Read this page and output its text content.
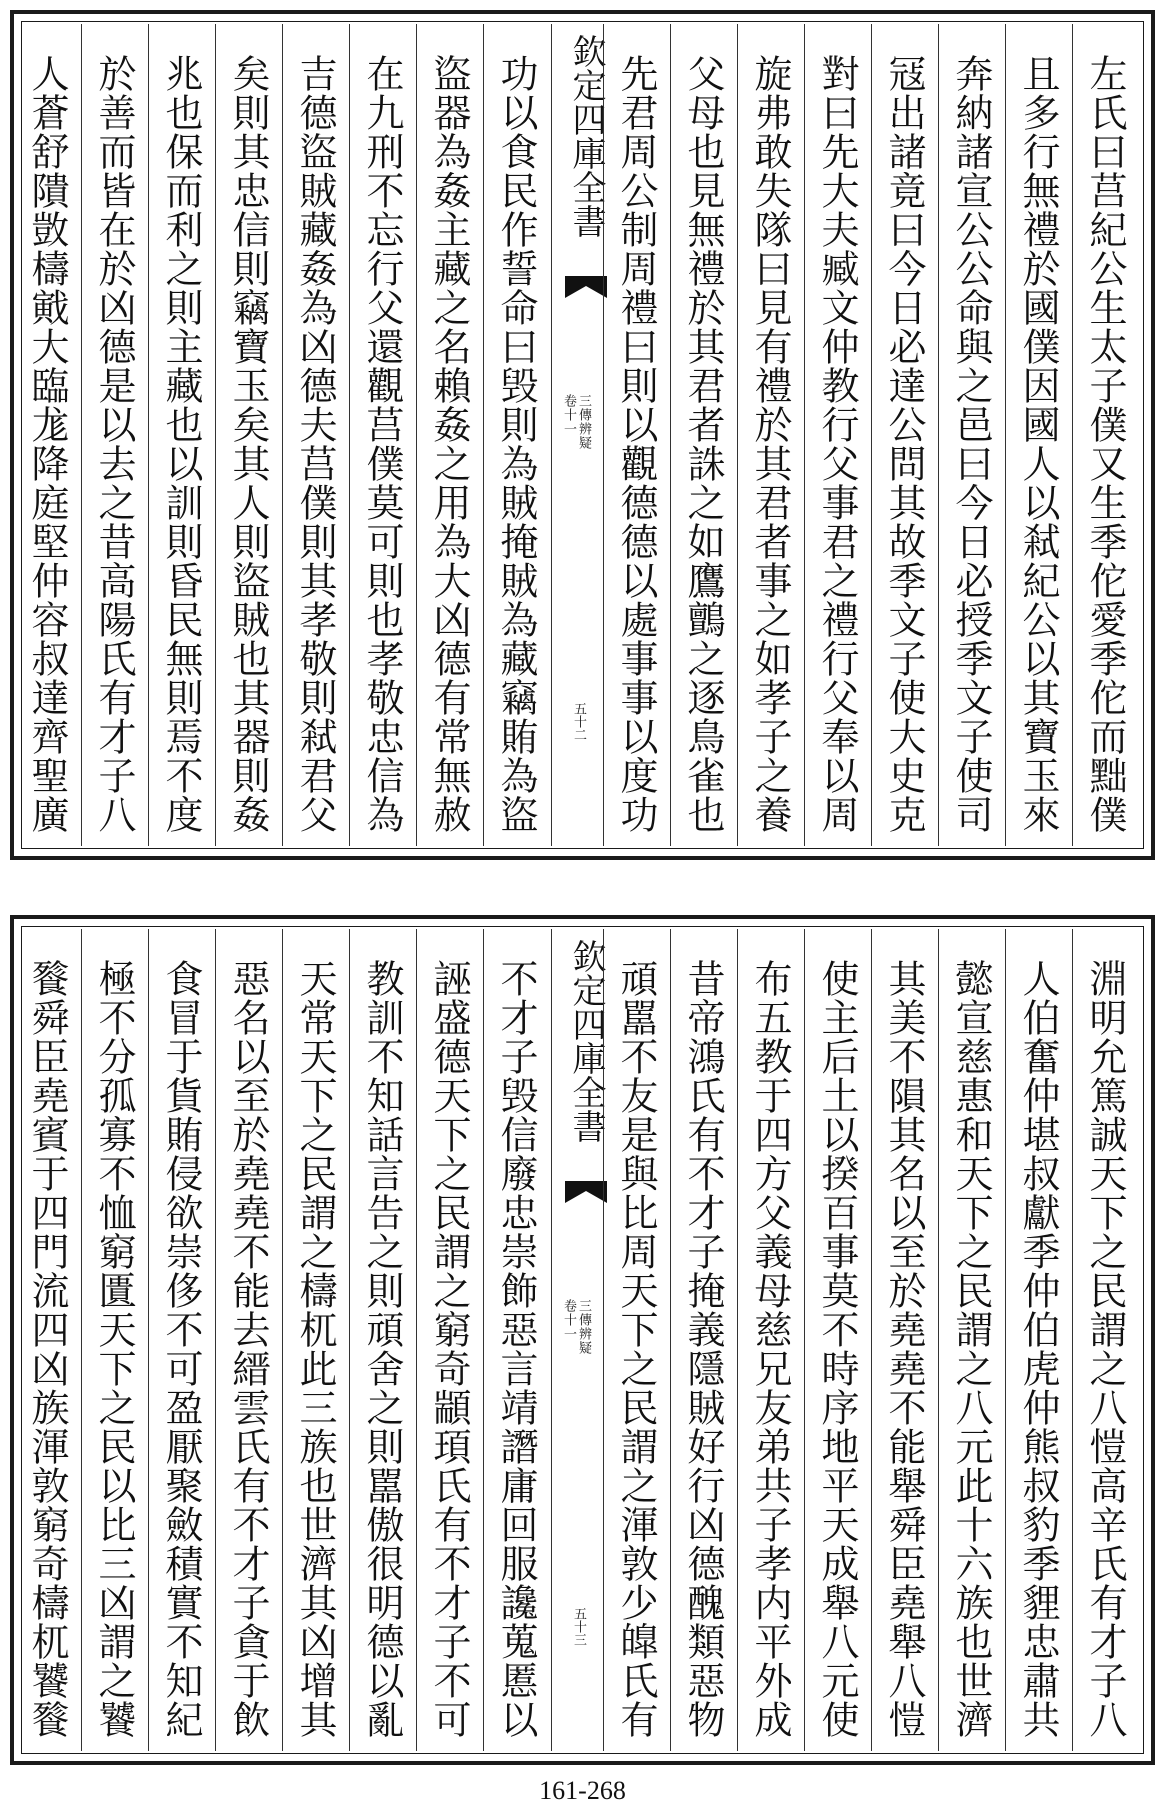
欽定四庫全書
三傳辨疑
卷十一
五十二	左氏曰莒紀公生太子僕又生季佗愛季佗而黜僕
且多行無禮於國僕因國人以弒紀公以其寶玉來
奔納諸宣公公命與之邑曰今日必授季文子使司
冦出諸竟曰今日必達公問其故季文子使大史克
對曰先大夫臧文仲教行父事君之禮行父奉以周
旋弗敢失隊曰見有禮於其君者事之如孝子之養
父母也見無禮於其君者誅之如鷹鸇之逐鳥雀也
先君周公制周禮曰則以觀德德以處事事以度功
功以食民作誓命曰毁則為賊掩賊為藏竊賄為盜
盜器為姦主藏之名賴姦之用為大凶德有常無赦
在九刑不忘行父還觀莒僕莫可則也孝敬忠信為
吉德盜賊藏姦為凶德夫莒僕則其孝敬則弒君父
矣則其忠信則竊寶玉矣其人則盜賊也其器則姦
兆也保而利之則主藏也以訓則昏民無則焉不度
於善而皆在於凶德是以去之昔高陽氏有才子八
人蒼舒隤敳檮戭大臨尨降庭堅仲容叔達齊聖廣
欽定四庫全書
三傳辨疑
卷十一
五十三	淵明允篤誠天下之民謂之八愷高辛氏有才子八
人伯奮仲堪叔獻季仲伯虎仲熊叔豹季貍忠肅共
懿宣慈惠和天下之民謂之八元此十六族也世濟
其美不隕其名以至於堯堯不能舉舜臣堯舉八愷
使主后土以揆百事莫不時序地平天成舉八元使
布五教于四方父義母慈兄友弟共子孝内平外成
昔帝鴻氏有不才子掩義隱賊好行凶德醜類惡物
頑嚚不友是與比周天下之民謂之渾敦少皥氏有
不才子毁信廢忠崇飾惡言靖譖庸回服讒蒐慝以
誣盛德天下之民謂之窮奇顓頊氏有不才子不可
教訓不知話言告之則頑舍之則嚚傲很明德以亂
天常天下之民謂之檮杌此三族也世濟其凶增其
惡名以至於堯堯不能去縉雲氏有不才子貪于飲
食冒于貨賄侵欲崇侈不可盈厭聚斂積實不知紀
極不分孤寡不恤窮匱天下之民以比三凶謂之饕
餮舜臣堯賓于四門流四凶族渾敦窮奇檮杌饕餮
161-268
